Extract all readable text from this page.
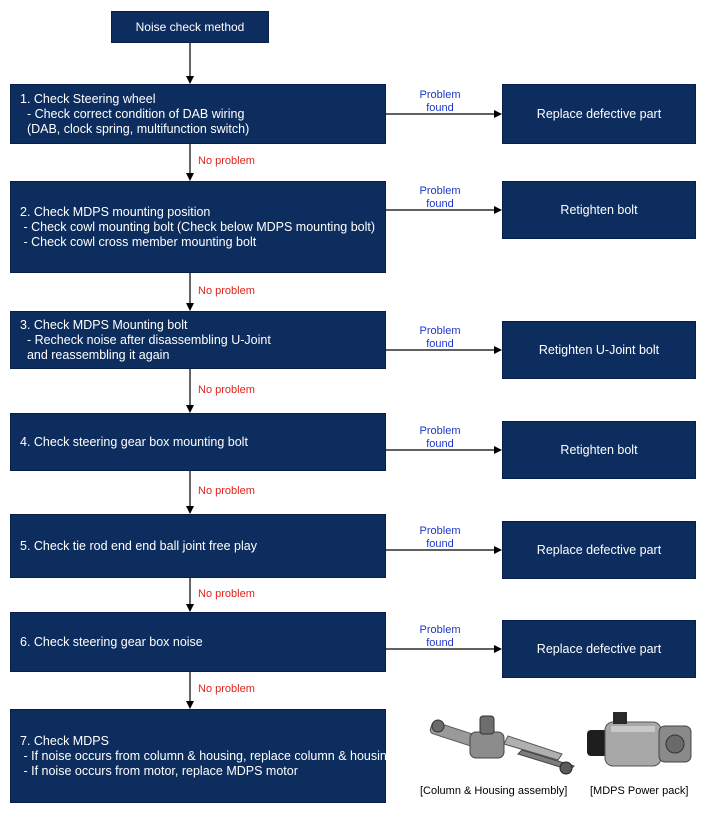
Noise check method
1. Check Steering wheel
- Check correct condition of DAB wiring
(DAB, clock spring, multifunction switch)
Replace defective part
Problem
found
No problem
2. Check MDPS mounting position
- Check cowl mounting bolt (Check below MDPS mounting bolt)
- Check cowl cross member mounting bolt
Retighten bolt
Problem
found
No problem
3. Check MDPS Mounting bolt
- Recheck noise after disassembling U-Joint
and reassembling it again	Retighten U-Joint bolt
Problem
found
No problem
4. Check steering gear box mounting bolt
Retighten bolt
Problem
found
No problem
5. Check tie rod end end ball joint free play	Replace defective part
Problem
found
No problem
6. Check steering gear box noise
Replace defective part
Problem
found
No problem
7. Check MDPS
- If noise occurs from column & housing, replace column & housing
- If noise occurs from motor, replace MDPS motor
[Column & Housing assembly] [MDPS Power pack]
